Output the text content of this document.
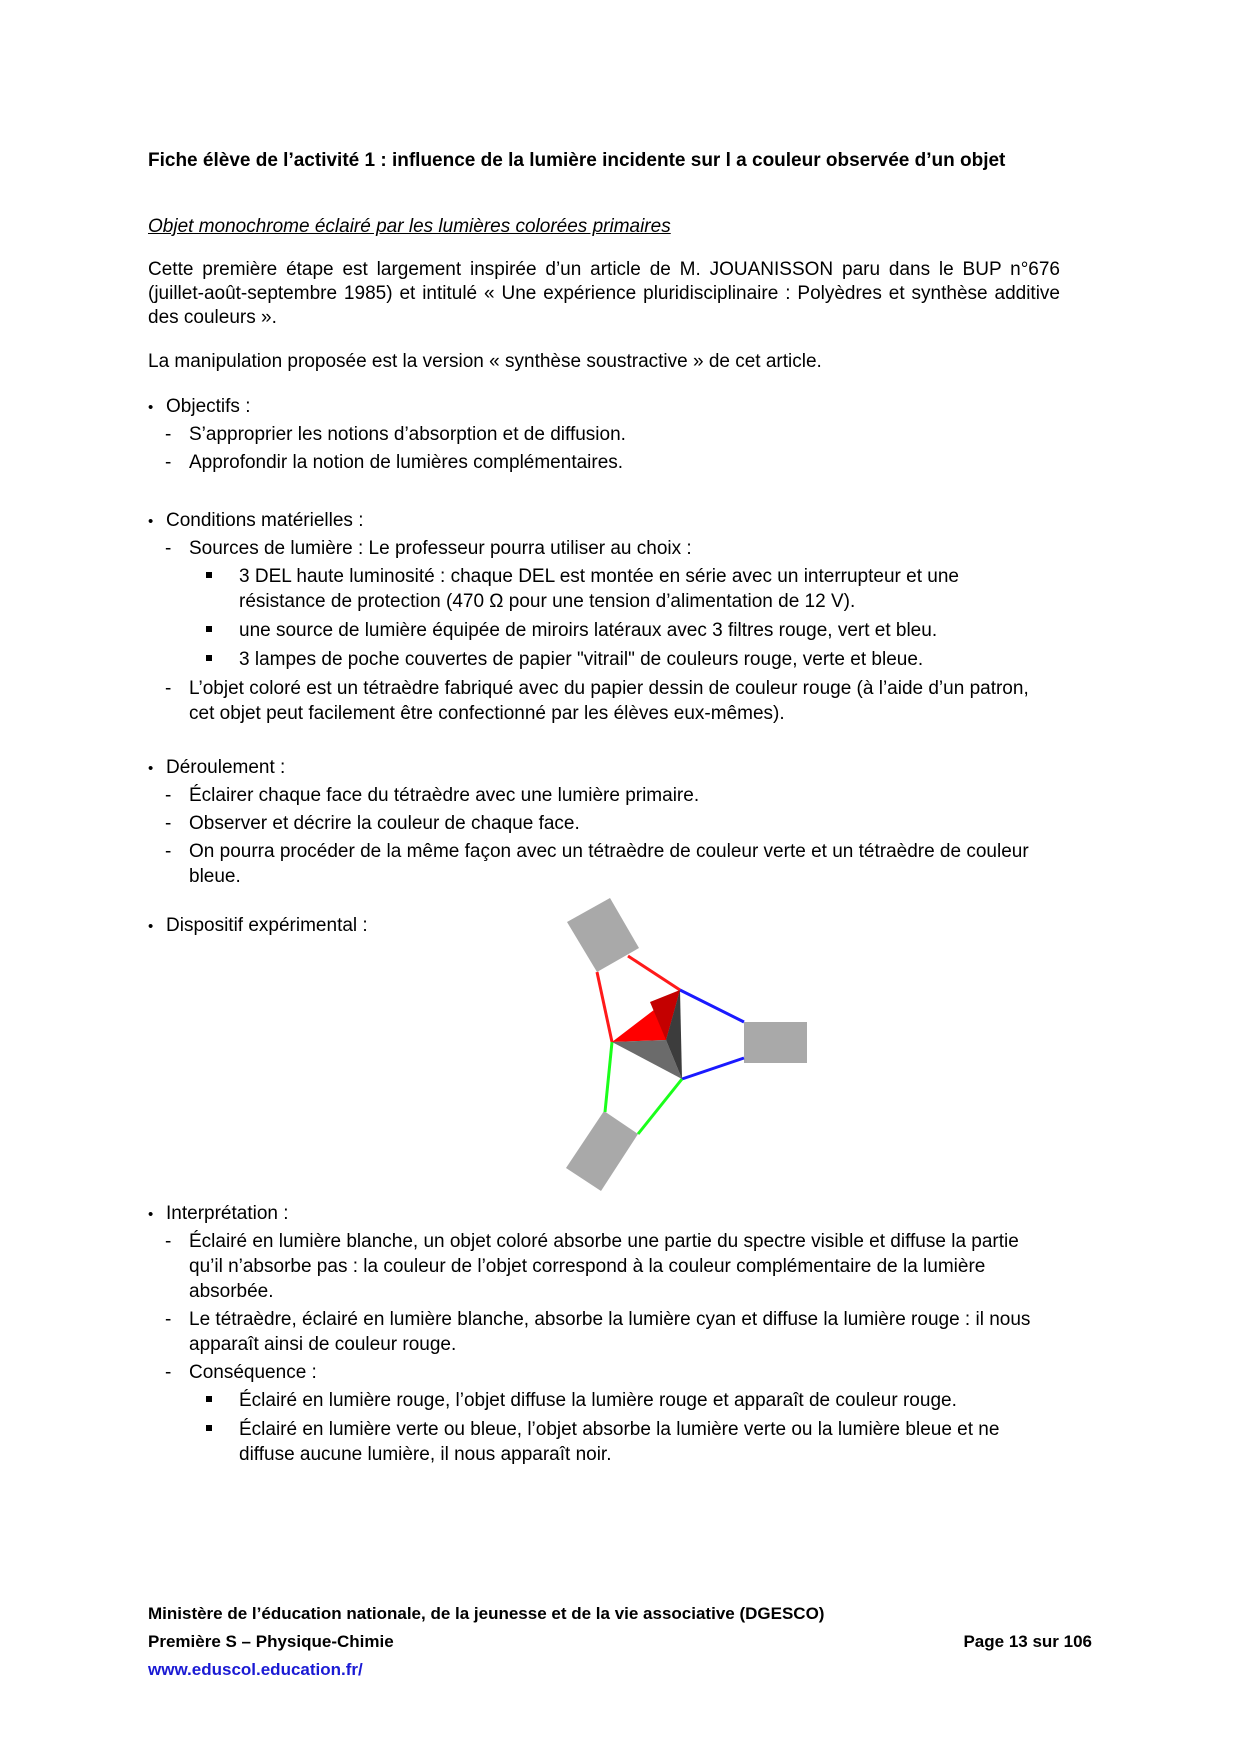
Fiche élève de l’activité 1 : influence de la lumière incidente sur l a couleur observée d’un objet
Objet monochrome éclairé par les lumières colorées primaires
Cette première étape est largement inspirée d’un article de M. JOUANISSON paru dans le BUP n°676 (juillet-août-septembre 1985) et intitulé « Une expérience pluridisciplinaire : Polyèdres et synthèse additive des couleurs ».
La manipulation proposée est la version « synthèse soustractive » de cet article.
• Objectifs :
- S’approprier les notions d’absorption et de diffusion.
- Approfondir la notion de lumières complémentaires.
• Conditions matérielles :
- Sources de lumière : Le professeur pourra utiliser au choix :
3 DEL haute luminosité : chaque DEL est montée en série avec un interrupteur et une résistance de protection (470 Ω pour une tension d’alimentation de 12 V).
une source de lumière équipée de miroirs latéraux avec 3 filtres rouge, vert et bleu.
3 lampes de poche couvertes de papier "vitrail" de couleurs rouge, verte et bleue.
- L’objet coloré est un tétraèdre fabriqué avec du papier dessin de couleur rouge (à l’aide d’un patron, cet objet peut facilement être confectionné par les élèves eux-mêmes).
• Déroulement :
- Éclairer chaque face du tétraèdre avec une lumière primaire.
- Observer et décrire la couleur de chaque face.
- On pourra procéder de la même façon avec un tétraèdre de couleur verte et un tétraèdre de couleur bleue.
• Dispositif expérimental :
• Interprétation :
- Éclairé en lumière blanche, un objet coloré absorbe une partie du spectre visible et diffuse la partie qu’il n’absorbe pas : la couleur de l’objet correspond à la couleur complémentaire de la lumière absorbée.
- Le tétraèdre, éclairé en lumière blanche, absorbe la lumière cyan et diffuse la lumière rouge : il nous apparaît ainsi de couleur rouge.
- Conséquence :
Éclairé en lumière rouge, l’objet diffuse la lumière rouge et apparaît de couleur rouge.
Éclairé en lumière verte ou bleue, l’objet absorbe la lumière verte ou la lumière bleue et ne diffuse aucune lumière, il nous apparaît noir.
Ministère de l’éducation nationale, de la jeunesse et de la vie associative (DGESCO)
Première S – Physique-Chimie	Page 13 sur 106
www.eduscol.education.fr/
